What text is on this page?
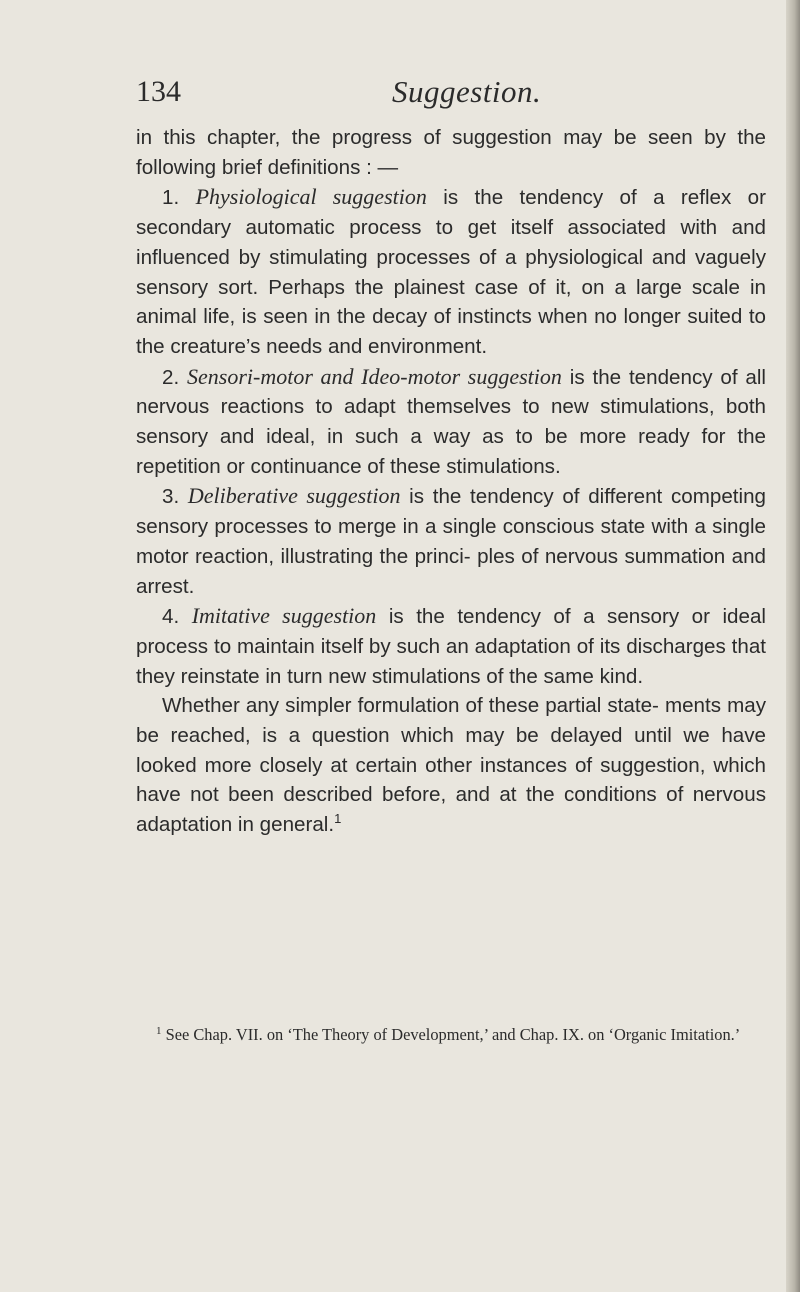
134	Suggestion.

in this chapter, the progress of suggestion may be seen by the following brief definitions : —

1. Physiological suggestion is the tendency of a reflex or secondary automatic process to get itself associated with and influenced by stimulating processes of a physiological and vaguely sensory sort. Perhaps the plainest case of it, on a large scale in animal life, is seen in the decay of instincts when no longer suited to the creature’s needs and environment.

2. Sensori-motor and Ideo-motor suggestion is the tendency of all nervous reactions to adapt themselves to new stimulations, both sensory and ideal, in such a way as to be more ready for the repetition or continuance of these stimulations.

3. Deliberative suggestion is the tendency of different competing sensory processes to merge in a single conscious state with a single motor reaction, illustrating the princi- ples of nervous summation and arrest.

4. Imitative suggestion is the tendency of a sensory or ideal process to maintain itself by such an adaptation of its discharges that they reinstate in turn new stimulations of the same kind.

Whether any simpler formulation of these partial state- ments may be reached, is a question which may be delayed until we have looked more closely at certain other instances of suggestion, which have not been described before, and at the conditions of nervous adaptation in general.$^1$

$^1$ See Chap. VII. on ‘The Theory of Development,’ and Chap. IX. on ‘Organic Imitation.’
